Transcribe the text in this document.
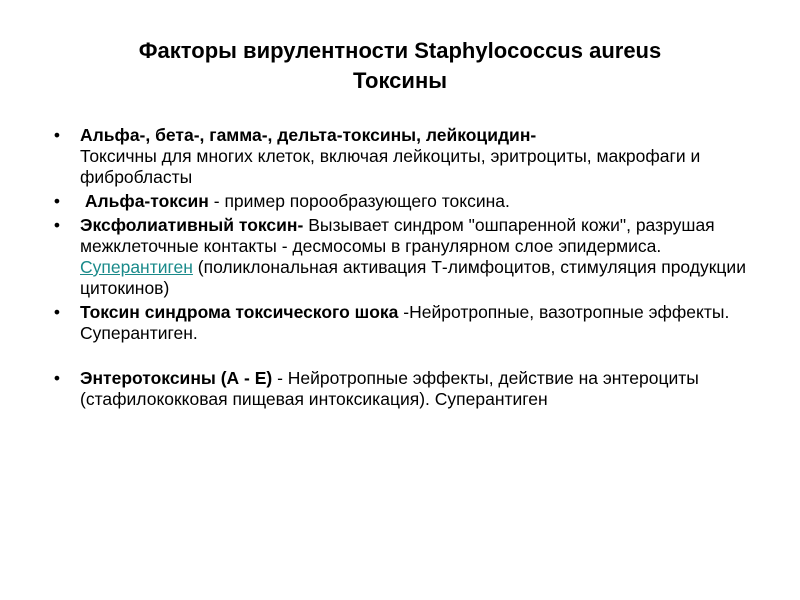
Факторы вирулентности Staphylococcus aureus
Токсины
• Альфа-, бета-, гамма-, дельта-токсины, лейкоцидин-
Токсичны для многих клеток, включая лейкоциты, эритроциты, макрофаги и фибробласты
• Альфа-токсин - пример порообразующего токсина.
• Эксфолиативный токсин- Вызывает синдром "ошпаренной кожи", разрушая межклеточные контакты - десмосомы в гранулярном слое эпидермиса. Суперантиген (поликлональная активация Т-лимфоцитов, стимуляция продукции цитокинов)
• Токсин синдрома токсического шока -Нейротропные, вазотропные эффекты. Суперантиген.
• Энтеротоксины (А - Е) - Нейротропные эффекты, действие на энтероциты (стафилококковая пищевая интоксикация). Суперантиген
